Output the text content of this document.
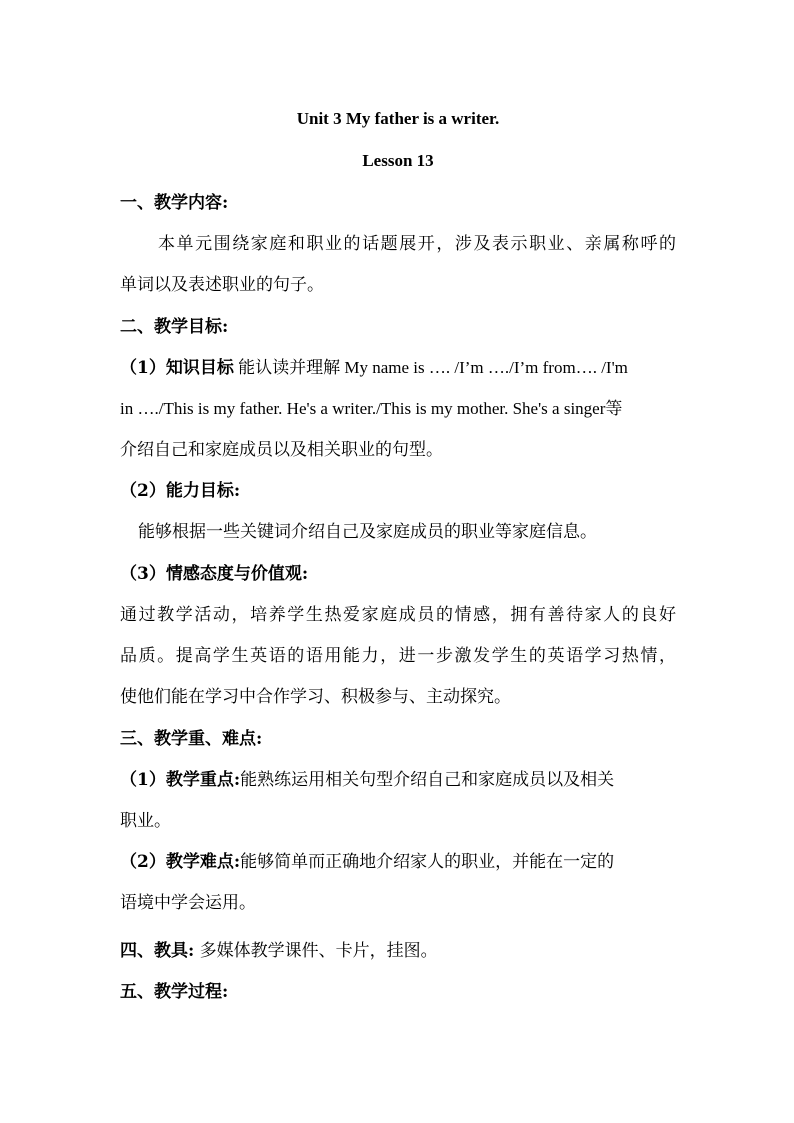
Unit 3 My father is a writer.
Lesson 13
一、教学内容:
本单元围绕家庭和职业的话题展开，涉及表示职业、亲属称呼的
单词以及表述职业的句子。
二、教学目标:
（1）知识目标 能认读并理解 My name is …. /I’m …./I’m from…. /I'm
in …./This is my father. He's a writer./This is my mother. She's a singer等
介绍自己和家庭成员以及相关职业的句型。
（2）能力目标:
能够根据一些关键词介绍自己及家庭成员的职业等家庭信息。
（3）情感态度与价值观:
通过教学活动，培养学生热爱家庭成员的情感，拥有善待家人的良好
品质。提高学生英语的语用能力，进一步激发学生的英语学习热情，
使他们能在学习中合作学习、积极参与、主动探究。
三、教学重、难点:
（1）教学重点:能熟练运用相关句型介绍自己和家庭成员以及相关
职业。
（2）教学难点:能够简单而正确地介绍家人的职业，并能在一定的
语境中学会运用。
四、教具: 多媒体教学课件、卡片，挂图。
五、教学过程:
